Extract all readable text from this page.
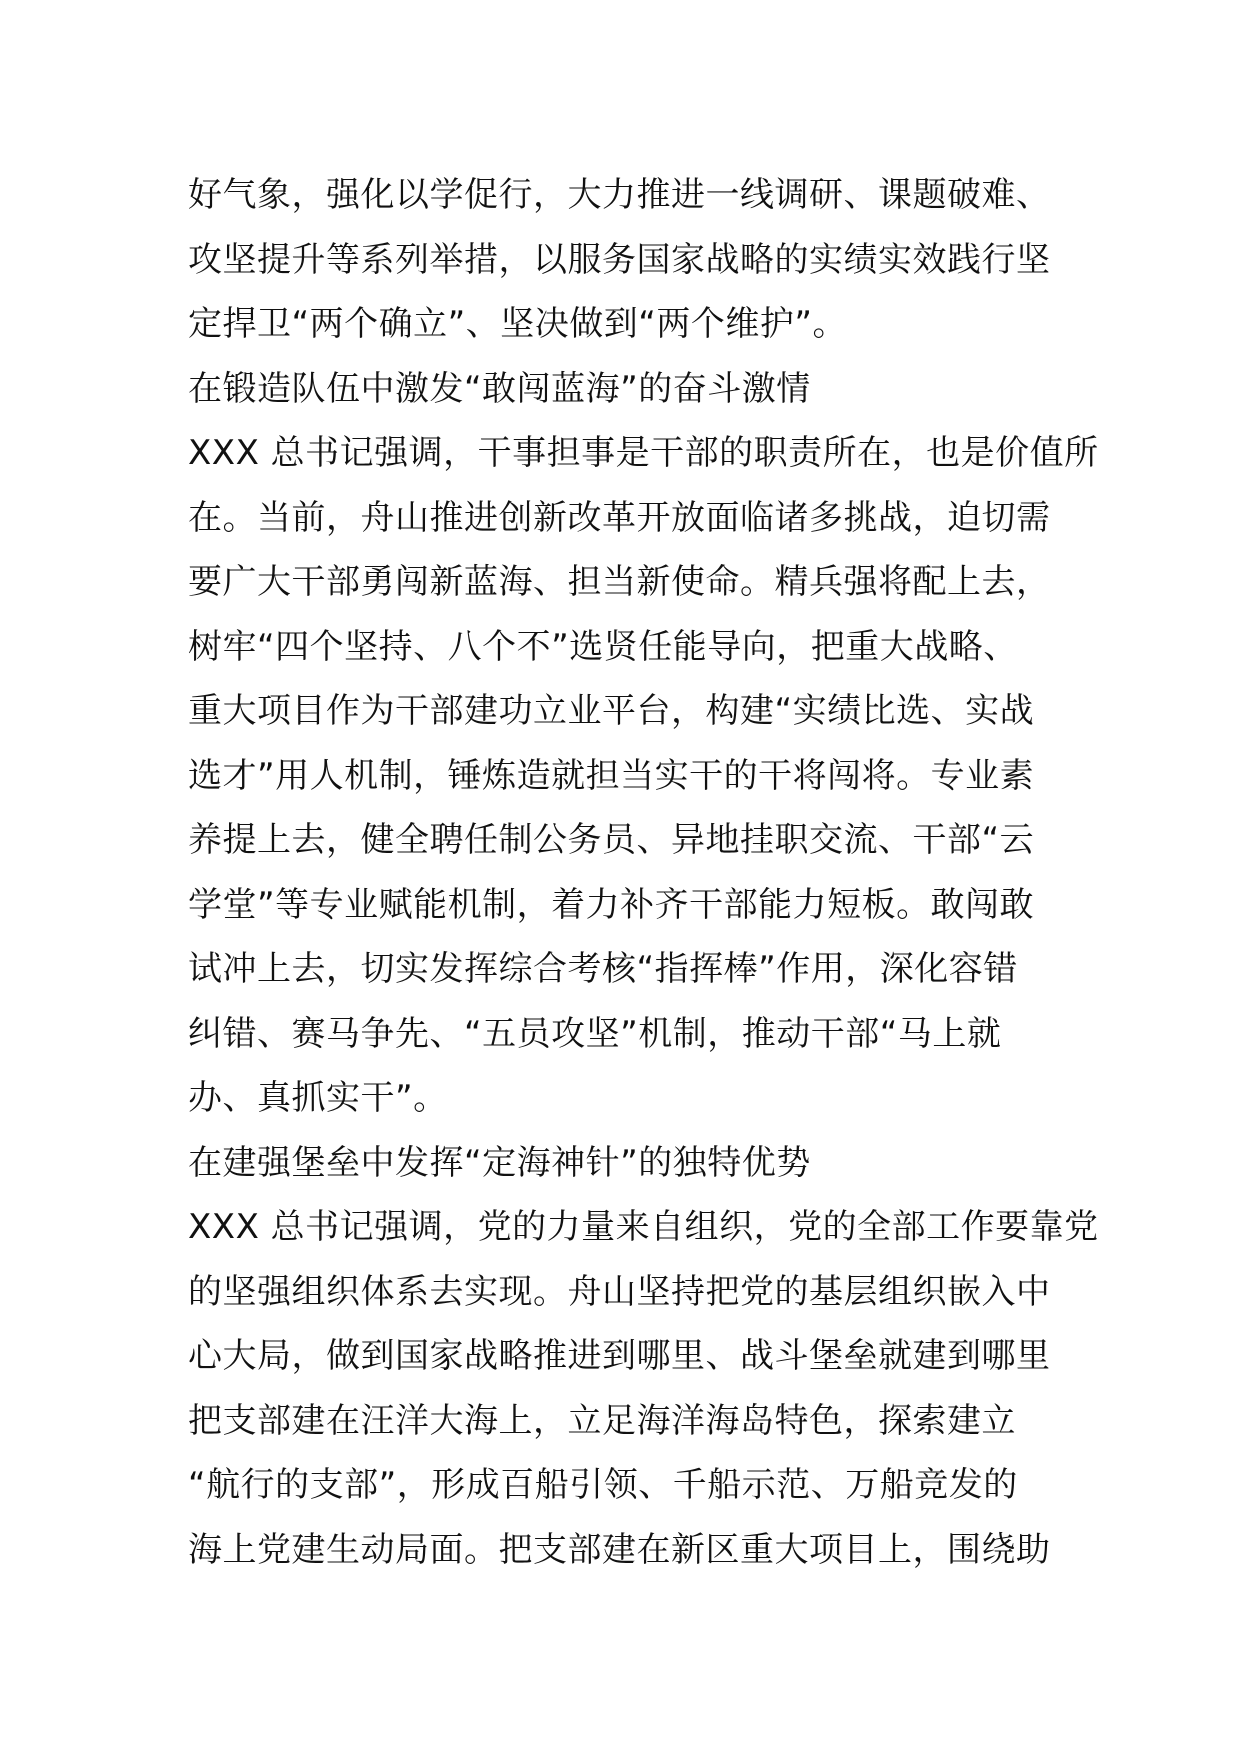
好气象，强化以学促行，大力推进一线调研、课题破难、
攻坚提升等系列举措，以服务国家战略的实绩实效践行坚
定捍卫“两个确立”、坚决做到“两个维护”。
在锻造队伍中激发“敢闯蓝海”的奋斗激情
XXX 总书记强调，干事担事是干部的职责所在，也是价值所
在。当前，舟山推进创新改革开放面临诸多挑战，迫切需
要广大干部勇闯新蓝海、担当新使命。精兵强将配上去，
树牢“四个坚持、八个不”选贤任能导向，把重大战略、
重大项目作为干部建功立业平台，构建“实绩比选、实战
选才”用人机制，锤炼造就担当实干的干将闯将。专业素
养提上去，健全聘任制公务员、异地挂职交流、干部“云
学堂”等专业赋能机制，着力补齐干部能力短板。敢闯敢
试冲上去，切实发挥综合考核“指挥棒”作用，深化容错
纠错、赛马争先、“五员攻坚”机制，推动干部“马上就
办、真抓实干”。
在建强堡垒中发挥“定海神针”的独特优势
XXX 总书记强调，党的力量来自组织，党的全部工作要靠党
的坚强组织体系去实现。舟山坚持把党的基层组织嵌入中
心大局，做到国家战略推进到哪里、战斗堡垒就建到哪里
把支部建在汪洋大海上，立足海洋海岛特色，探索建立
“航行的支部”，形成百船引领、千船示范、万船竞发的
海上党建生动局面。把支部建在新区重大项目上，围绕助
